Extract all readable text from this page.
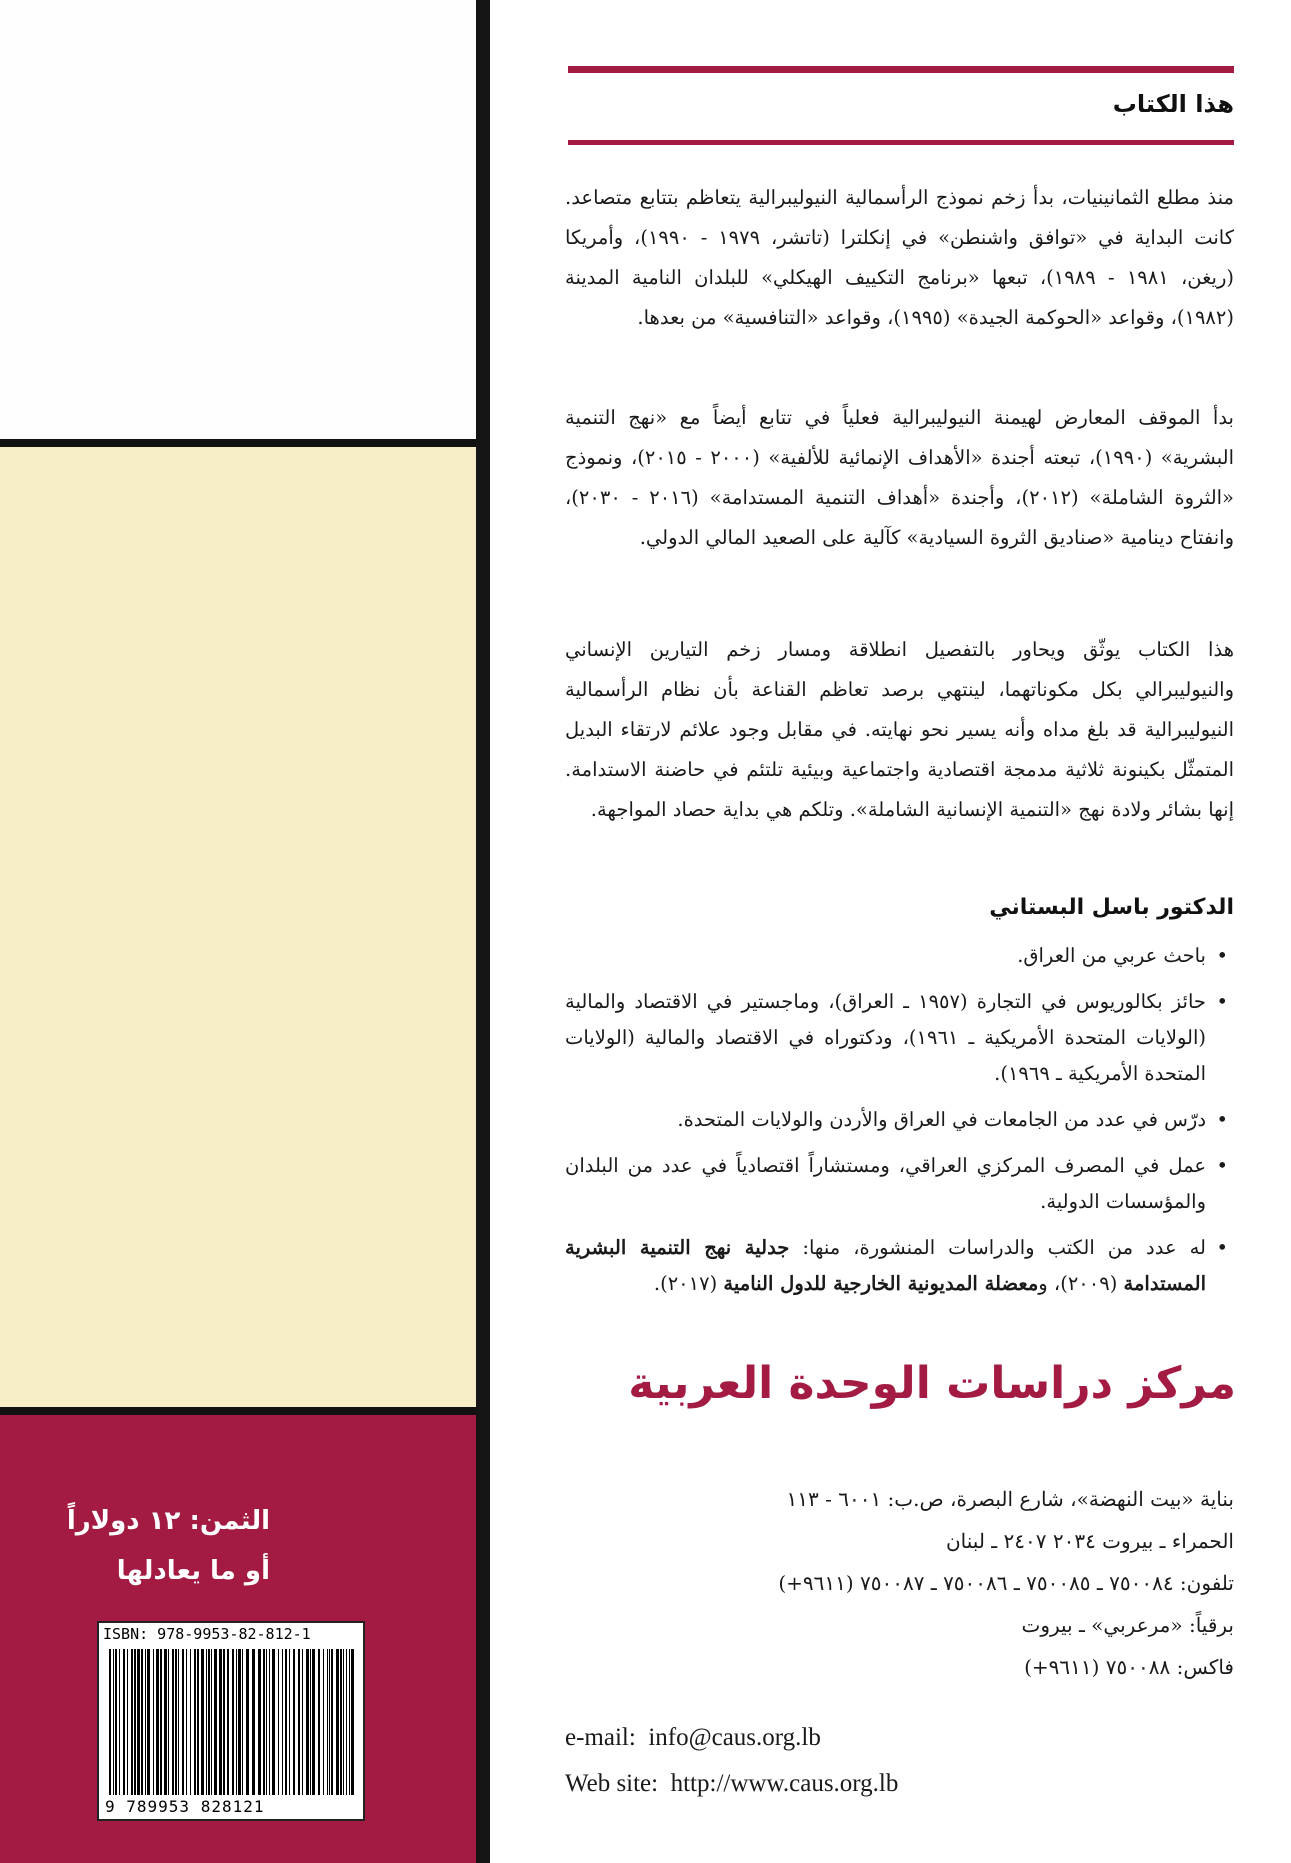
الثمن: ١٢ دولاراً
أو ما يعادلها
ISBN: 978-9953-82-812-1
9 789953 828121
هذا الكتاب

منذ مطلع الثمانينيات، بدأ زخم نموذج الرأسمالية النيوليبرالية يتعاظم بتتابع متصاعد. كانت البداية في «توافق واشنطن» في إنكلترا (تاتشر، ١٩٧٩ - ١٩٩٠)، وأمريكا (ريغن، ١٩٨١ - ١٩٨٩)، تبعها «برنامج التكييف الهيكلي» للبلدان النامية المدينة (١٩٨٢)، وقواعد «الحوكمة الجيدة» (١٩٩٥)، وقواعد «التنافسية» من بعدها.

بدأ الموقف المعارض لهيمنة النيوليبرالية فعلياً في تتابع أيضاً مع «نهج التنمية البشرية» (١٩٩٠)، تبعته أجندة «الأهداف الإنمائية للألفية» (٢٠٠٠ - ٢٠١٥)، ونموذج «الثروة الشاملة» (٢٠١٢)، وأجندة «أهداف التنمية المستدامة» (٢٠١٦ - ٢٠٣٠)، وانفتاح دينامية «صناديق الثروة السيادية» كآلية على الصعيد المالي الدولي.

هذا الكتاب يوثّق ويحاور بالتفصيل انطلاقة ومسار زخم التيارين الإنساني والنيوليبرالي بكل مكوناتهما، لينتهي برصد تعاظم القناعة بأن نظام الرأسمالية النيوليبرالية قد بلغ مداه وأنه يسير نحو نهايته. في مقابل وجود علائم لارتقاء البديل المتمثّل بكينونة ثلاثية مدمجة اقتصادية واجتماعية وبيئية تلتئم في حاضنة الاستدامة. إنها بشائر ولادة نهج «التنمية الإنسانية الشاملة». وتلكم هي بداية حصاد المواجهة.

الدكتور باسل البستاني
• باحث عربي من العراق.
• حائز بكالوريوس في التجارة (١٩٥٧ ـ العراق)، وماجستير في الاقتصاد والمالية (الولايات المتحدة الأمريكية ـ ١٩٦١)، ودكتوراه في الاقتصاد والمالية (الولايات المتحدة الأمريكية ـ ١٩٦٩).
• درّس في عدد من الجامعات في العراق والأردن والولايات المتحدة.
• عمل في المصرف المركزي العراقي، ومستشاراً اقتصادياً في عدد من البلدان والمؤسسات الدولية.
• له عدد من الكتب والدراسات المنشورة، منها: جدلية نهج التنمية البشرية المستدامة (٢٠٠٩)، ومعضلة المديونية الخارجية للدول النامية (٢٠١٧).
مركز دراسات الوحدة العربية
بناية «بيت النهضة»، شارع البصرة، ص.ب: ٦٠٠١ - ١١٣
الحمراء ـ بيروت ٢٠٣٤ ٢٤٠٧ ـ لبنان
تلفون: ٧٥٠٠٨٤ ـ ٧٥٠٠٨٥ ـ ٧٥٠٠٨٦ ـ ٧٥٠٠٨٧ (٩٦١١+)
برقياً: «مرعربي» ـ بيروت
فاكس: ٧٥٠٠٨٨ (٩٦١١+)
e-mail: info@caus.org.lb
Web site: http://www.caus.org.lb
